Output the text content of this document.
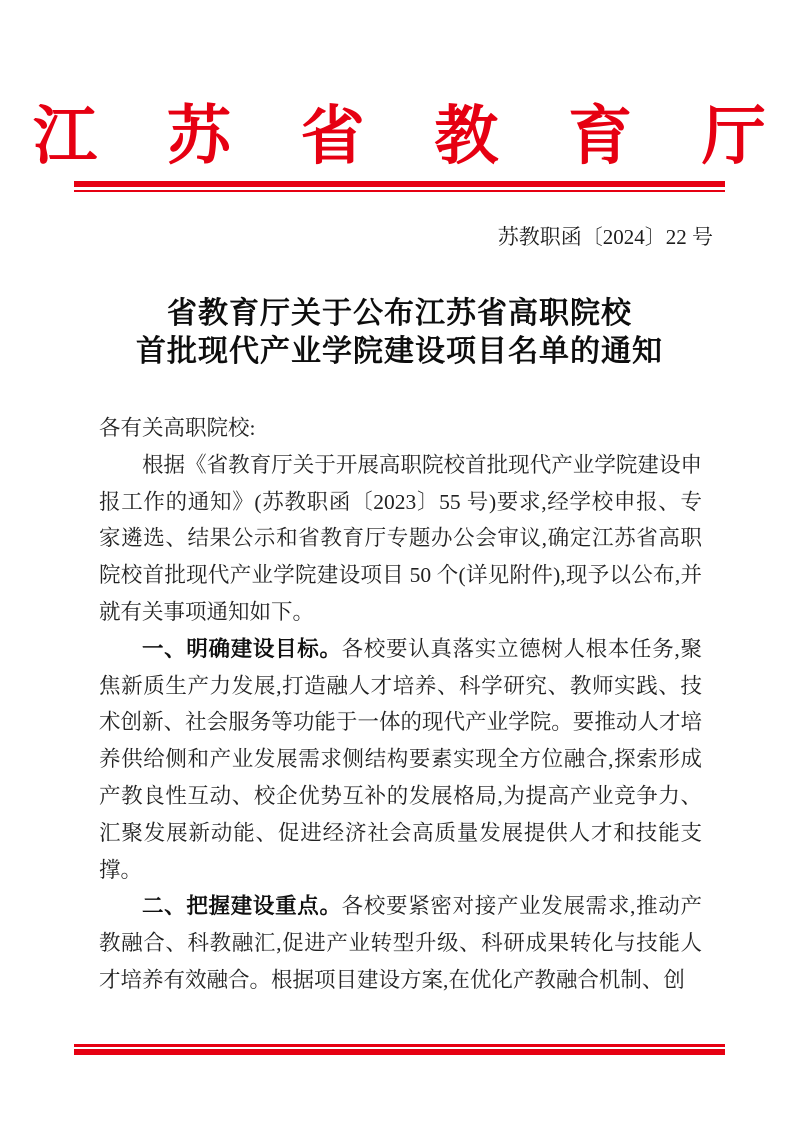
江 苏 省 教 育 厅
苏教职函〔2024〕22 号
省教育厅关于公布江苏省高职院校
首批现代产业学院建设项目名单的通知

各有关高职院校:

根据《省教育厅关于开展高职院校首批现代产业学院建设申报工作的通知》(苏教职函〔2023〕55 号)要求,经学校申报、专家遴选、结果公示和省教育厅专题办公会审议,确定江苏省高职院校首批现代产业学院建设项目 50 个(详见附件),现予以公布,并就有关事项通知如下。

一、明确建设目标。各校要认真落实立德树人根本任务,聚焦新质生产力发展,打造融人才培养、科学研究、教师实践、技术创新、社会服务等功能于一体的现代产业学院。要推动人才培养供给侧和产业发展需求侧结构要素实现全方位融合,探索形成产教良性互动、校企优势互补的发展格局,为提高产业竞争力、汇聚发展新动能、促进经济社会高质量发展提供人才和技能支撑。

二、把握建设重点。各校要紧密对接产业发展需求,推动产教融合、科教融汇,促进产业转型升级、科研成果转化与技能人才培养有效融合。根据项目建设方案,在优化产教融合机制、创
